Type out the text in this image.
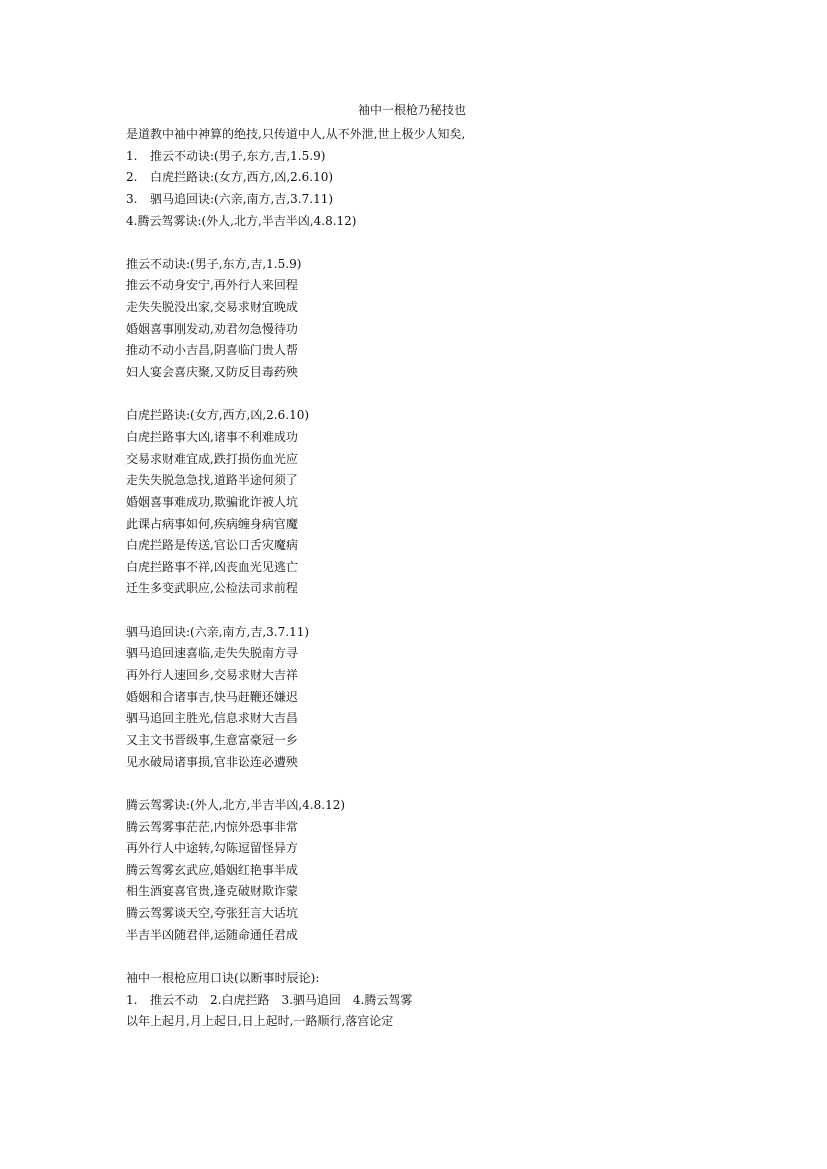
袖中一根枪乃秘技也
是道教中袖中神算的绝技,只传道中人,从不外泄,世上极少人知矣,
1. 推云不动诀:(男子,东方,吉,1.5.9)
2. 白虎拦路诀:(女方,西方,凶,2.6.10)
3. 驷马追回诀:(六亲,南方,吉,3.7.11)
4.腾云驾雾诀:(外人,北方,半吉半凶,4.8.12)
推云不动诀:(男子,东方,吉,1.5.9)
推云不动身安宁,再外行人来回程
走失失脱没出家,交易求财宜晚成
婚姻喜事刚发动,劝君勿急慢待功
推动不动小吉昌,阴喜临门贵人帮
妇人宴会喜庆聚,又防反目毒药殃
白虎拦路诀:(女方,西方,凶,2.6.10)
白虎拦路事大凶,诸事不利难成功
交易求财难宜成,跌打损伤血光应
走失失脱急急找,道路半途何须了
婚姻喜事难成功,欺骗讹诈被人坑
此课占病事如何,疾病缠身病官魔
白虎拦路是传送,官讼口舌灾魔病
白虎拦路事不祥,凶丧血光见逃亡
迁生多变武职应,公检法司求前程
驷马追回诀:(六亲,南方,吉,3.7.11)
驷马追回速喜临,走失失脱南方寻
再外行人速回乡,交易求财大吉祥
婚姻和合诸事吉,快马赶鞭还嫌迟
驷马追回主胜光,信息求财大吉昌
又主文书晋级事,生意富豪冠一乡
见水破局诸事损,官非讼连必遭殃
腾云驾雾诀:(外人,北方,半吉半凶,4.8.12)
腾云驾雾事茫茫,内惊外恐事非常
再外行人中途转,勾陈逗留怪异方
腾云驾雾玄武应,婚姻红艳事半成
相生酒宴喜官贵,逢克破财欺诈蒙
腾云驾雾谈天空,夸张狂言大话坑
半吉半凶随君伴,运随命通任君成
袖中一根枪应用口诀(以断事时辰论):
1. 推云不动　2.白虎拦路　3.驷马追回　4.腾云驾雾
以年上起月,月上起日,日上起时,一路顺行,落宫论定
